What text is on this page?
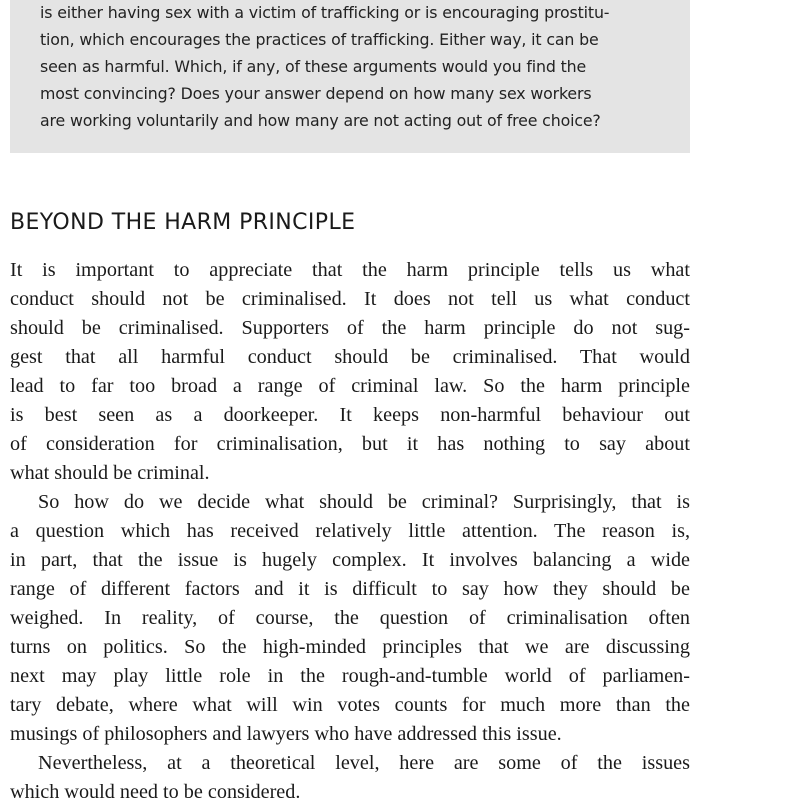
is either having sex with a victim of trafficking or is encouraging prostitu-
tion, which encourages the practices of trafficking. Either way, it can be
seen as harmful. Which, if any, of these arguments would you find the
most convincing? Does your answer depend on how many sex workers
are working voluntarily and how many are not acting out of free choice?
BEYOND THE HARM PRINCIPLE
It is important to appreciate that the harm principle tells us what
conduct should not be criminalised. It does not tell us what conduct
should be criminalised. Supporters of the harm principle do not sug-
gest that all harmful conduct should be criminalised. That would
lead to far too broad a range of criminal law. So the harm principle
is best seen as a doorkeeper. It keeps non-harmful behaviour out
of consideration for criminalisation, but it has nothing to say about
what should be criminal.
So how do we decide what should be criminal? Surprisingly, that is
a question which has received relatively little attention. The reason is,
in part, that the issue is hugely complex. It involves balancing a wide
range of different factors and it is difficult to say how they should be
weighed. In reality, of course, the question of criminalisation often
turns on politics. So the high-minded principles that we are discussing
next may play little role in the rough-and-tumble world of parliamen-
tary debate, where what will win votes counts for much more than the
musings of philosophers and lawyers who have addressed this issue.
Nevertheless, at a theoretical level, here are some of the issues
which would need to be considered.
